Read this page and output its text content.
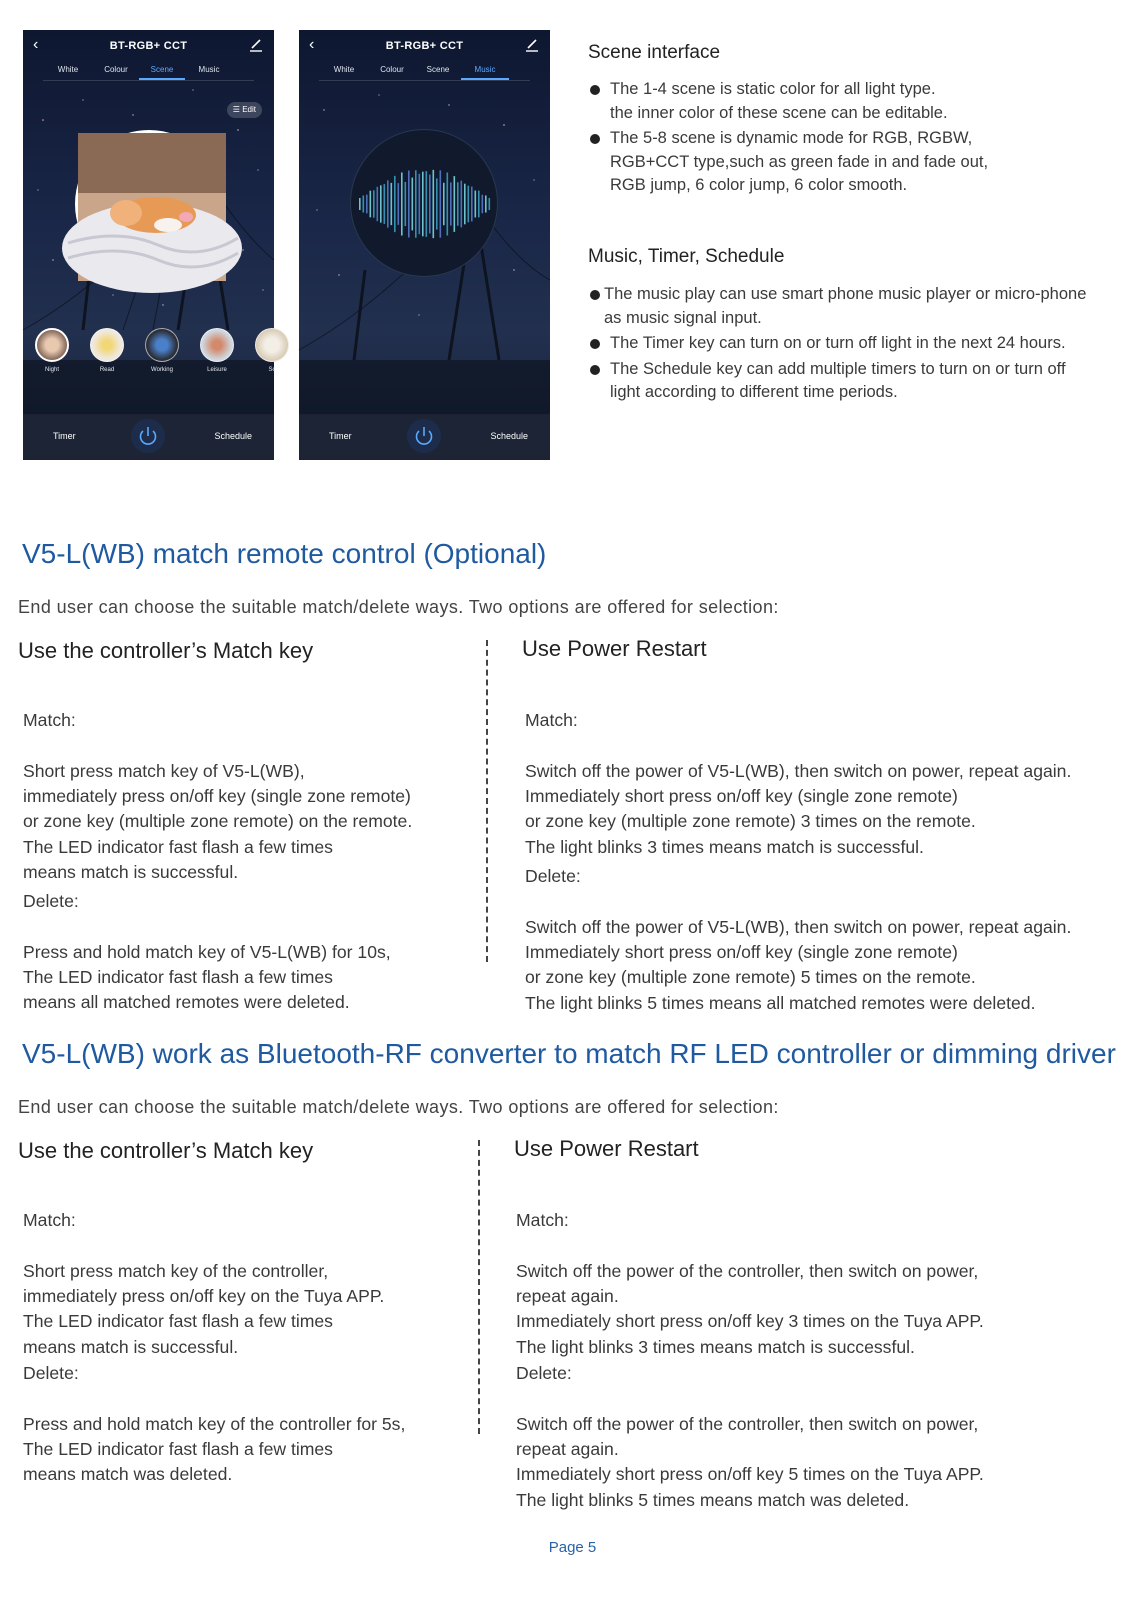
‹	BT-RGB+ CCT
White	Colour	Scene	Music
☰ Edit
Night	Read	Working	Leisure	Sc
Timer	Schedule
‹	BT-RGB+ CCT
White	Colour	Scene	Music
Timer	Schedule
Scene interface
The 1-4 scene is static color for all light type.
the inner color of these scene can be editable.
The 5-8 scene is dynamic mode for RGB, RGBW,
RGB+CCT type,such as green fade in and fade out,
RGB jump, 6 color jump, 6 color smooth.
Music, Timer, Schedule
The music play can use smart phone music player or micro-phone
as music signal input.
The Timer key can turn on or turn off light in the next 24 hours.
The Schedule key can add multiple timers to turn on or turn off
light according to different time periods.
V5-L(WB) match remote control (Optional)
End user can choose the suitable match/delete ways. Two options are offered for selection:
Use the controller’s Match key

Match:

Short press match key of V5-L(WB),
immediately press on/off key (single zone remote)
or zone key (multiple zone remote) on the remote.
The LED indicator fast flash a few times
means match is successful.

Delete:

Press and hold match key of V5-L(WB) for 10s,
The LED indicator fast flash a few times
means all matched remotes were deleted.

Use Power Restart

Match:

Switch off the power of V5-L(WB), then switch on power, repeat again.
Immediately short press on/off key (single zone remote)
or zone key (multiple zone remote) 3 times on the remote.
The light blinks 3 times means match is successful.

Delete:

Switch off the power of V5-L(WB), then switch on power, repeat again.
Immediately short press on/off key (single zone remote)
or zone key (multiple zone remote) 5 times on the remote.
The light blinks 5 times means all matched remotes were deleted.

V5-L(WB) work as Bluetooth-RF converter to match RF LED controller or dimming driver
End user can choose the suitable match/delete ways. Two options are offered for selection:
Use the controller’s Match key

Match:

Short press match key of the controller,
immediately press on/off key on the Tuya APP.
The LED indicator fast flash a few times
means match is successful.

Delete:

Press and hold match key of the controller for 5s,
The LED indicator fast flash a few times
means match was deleted.

Use Power Restart

Match:

Switch off the power of the controller, then switch on power,
repeat again.
Immediately short press on/off key 3 times on the Tuya APP.
The light blinks 3 times means match is successful.

Delete:

Switch off the power of the controller, then switch on power,
repeat again.
Immediately short press on/off key 5 times on the Tuya APP.
The light blinks 5 times means match was deleted.

Page 5
